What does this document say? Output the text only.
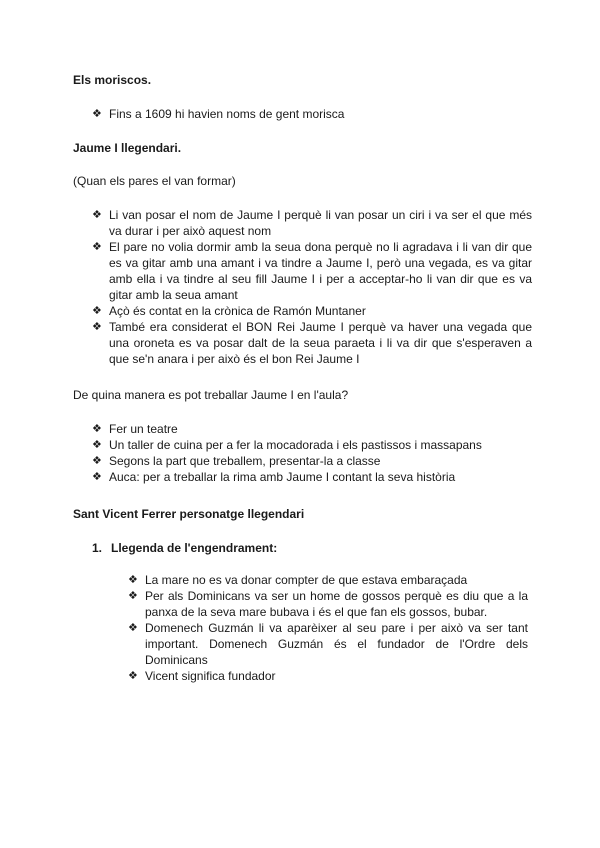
Els moriscos.
❖ Fins a 1609 hi havien noms de gent morisca
Jaume I llegendari.
(Quan els pares el van formar)
❖ Li van posar el nom de Jaume I perquè li van posar un ciri i va ser el que més va durar i per això aquest nom
❖ El pare no volia dormir amb la seua dona perquè no li agradava i li van dir que es va gitar amb una amant i va tindre a Jaume I, però una vegada, es va gitar amb ella i va tindre al seu fill Jaume I i per a acceptar-ho li van dir que es va gitar amb la seua amant
❖ Açò és contat en la crònica de Ramón Muntaner
❖ També era considerat el BON Rei Jaume I perquè va haver una vegada que una oroneta es va posar dalt de la seua paraeta i li va dir que s'esperaven a que se'n anara i per això és el bon Rei Jaume I
De quina manera es pot treballar Jaume I en l'aula?
❖ Fer un teatre
❖ Un taller de cuina per a fer la mocadorada i els pastissos i massapans
❖ Segons la part que treballem, presentar-la a classe
❖ Auca: per a treballar la rima amb Jaume I contant la seva història
Sant Vicent Ferrer personatge llegendari
1. Llegenda de l'engendrament:
❖ La mare no es va donar compter de que estava embaraçada
❖ Per als Dominicans va ser un home de gossos perquè es diu que a la panxa de la seva mare bubava i és el que fan els gossos, bubar.
❖ Domenech Guzmán li va aparèixer al seu pare i per això va ser tant important. Domenech Guzmán és el fundador de l'Ordre dels Dominicans
❖ Vicent significa fundador
